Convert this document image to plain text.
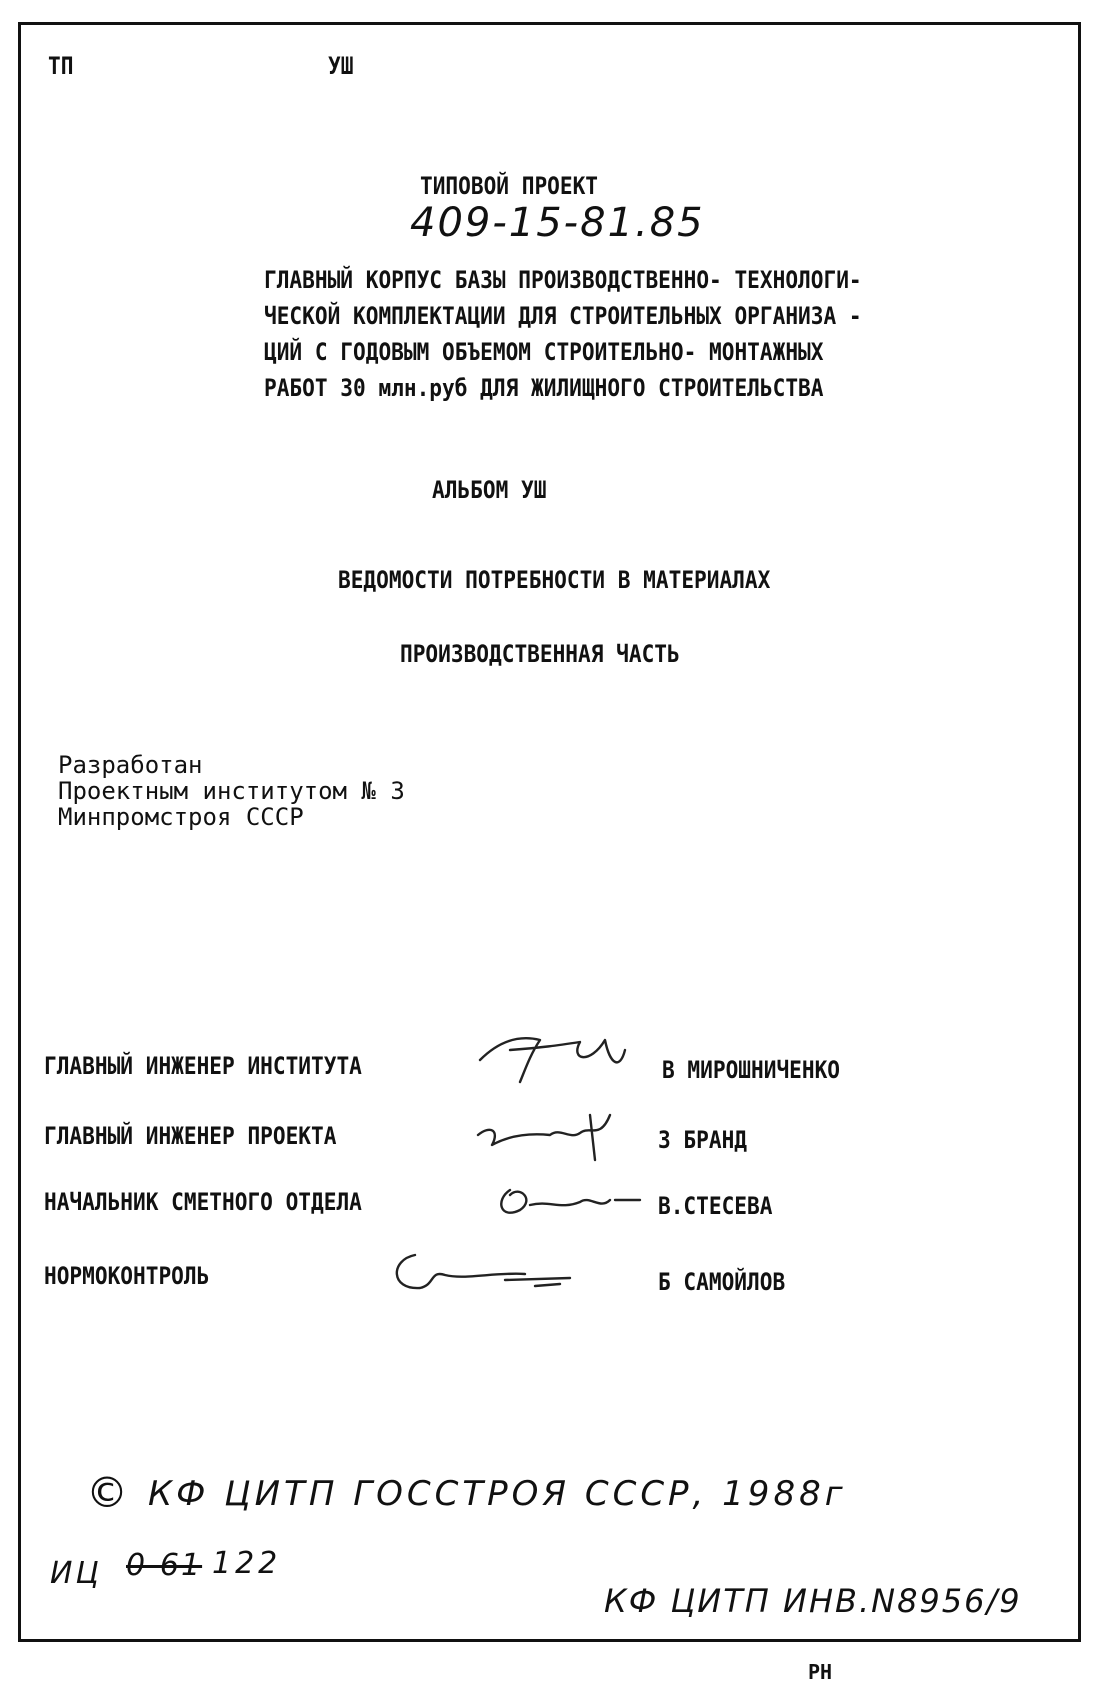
ТП	УШ
ТИПОВОЙ ПРОЕКТ
409-15-81.85
ГЛАВНЫЙ КОРПУС БАЗЫ ПРОИЗВОДСТВЕННО- ТЕХНОЛОГИ-
ЧЕСКОЙ КОМПЛЕКТАЦИИ ДЛЯ СТРОИТЕЛЬНЫХ ОРГАНИЗА -
ЦИЙ С ГОДОВЫМ ОБЪЕМОМ СТРОИТЕЛЬНО- МОНТАЖНЫХ
РАБОТ 30 млн.руб ДЛЯ ЖИЛИЩНОГО СТРОИТЕЛЬСТВА
АЛЬБОМ УШ
ВЕДОМОСТИ ПОТРЕБНОСТИ В МАТЕРИАЛАХ
ПРОИЗВОДСТВЕННАЯ ЧАСТЬ
Разработан
Проектным институтом № 3
Минпромстроя СССР
ГЛАВНЫЙ ИНЖЕНЕР ИНСТИТУТА	В МИРОШНИЧЕНКО
ГЛАВНЫЙ ИНЖЕНЕР ПРОЕКТА	З БРАНД
НАЧАЛЬНИК СМЕТНОГО ОТДЕЛА	В.СТЕСЕВА
НОРМОКОНТРОЛЬ	Б САМОЙЛОВ
© КФ ЦИТП ГОССТРОЯ СССР, 1988г
ИЦ 0-61 122
КФ ЦИТП ИНВ.N8956/9
РН
